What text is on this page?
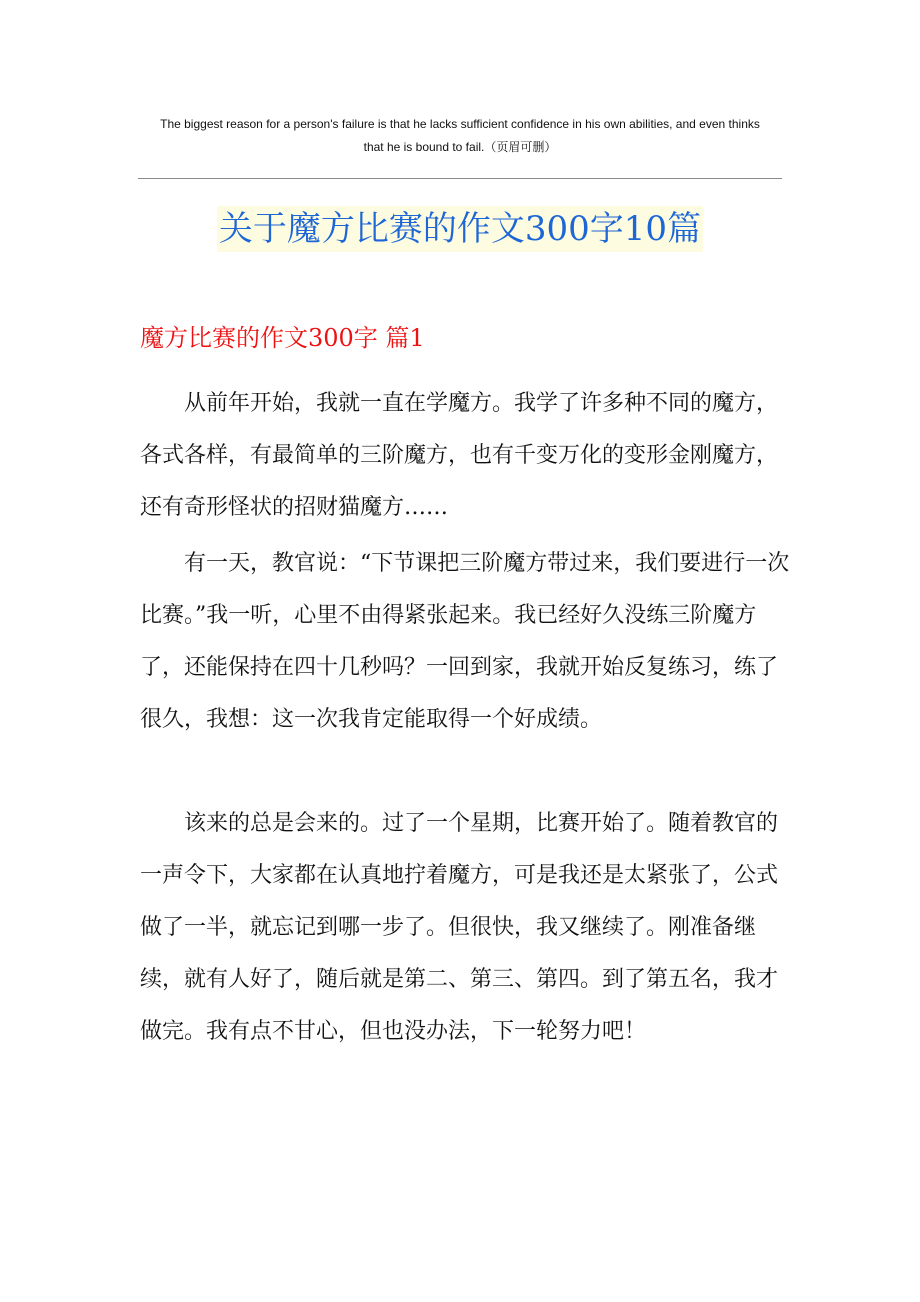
The biggest reason for a person's failure is that he lacks sufficient confidence in his own abilities, and even thinks
that he is bound to fail.（页眉可删）
关于魔方比赛的作文300字10篇
魔方比赛的作文300字 篇1

从前年开始，我就一直在学魔方。我学了许多种不同的魔方，各式各样，有最简单的三阶魔方，也有千变万化的变形金刚魔方，还有奇形怪状的招财猫魔方……

有一天，教官说：“下节课把三阶魔方带过来，我们要进行一次比赛。”我一听，心里不由得紧张起来。我已经好久没练三阶魔方了，还能保持在四十几秒吗？一回到家，我就开始反复练习，练了很久，我想：这一次我肯定能取得一个好成绩。

该来的总是会来的。过了一个星期，比赛开始了。随着教官的一声令下，大家都在认真地拧着魔方，可是我还是太紧张了，公式做了一半，就忘记到哪一步了。但很快，我又继续了。刚准备继续，就有人好了，随后就是第二、第三、第四。到了第五名，我才做完。我有点不甘心，但也没办法，下一轮努力吧！
